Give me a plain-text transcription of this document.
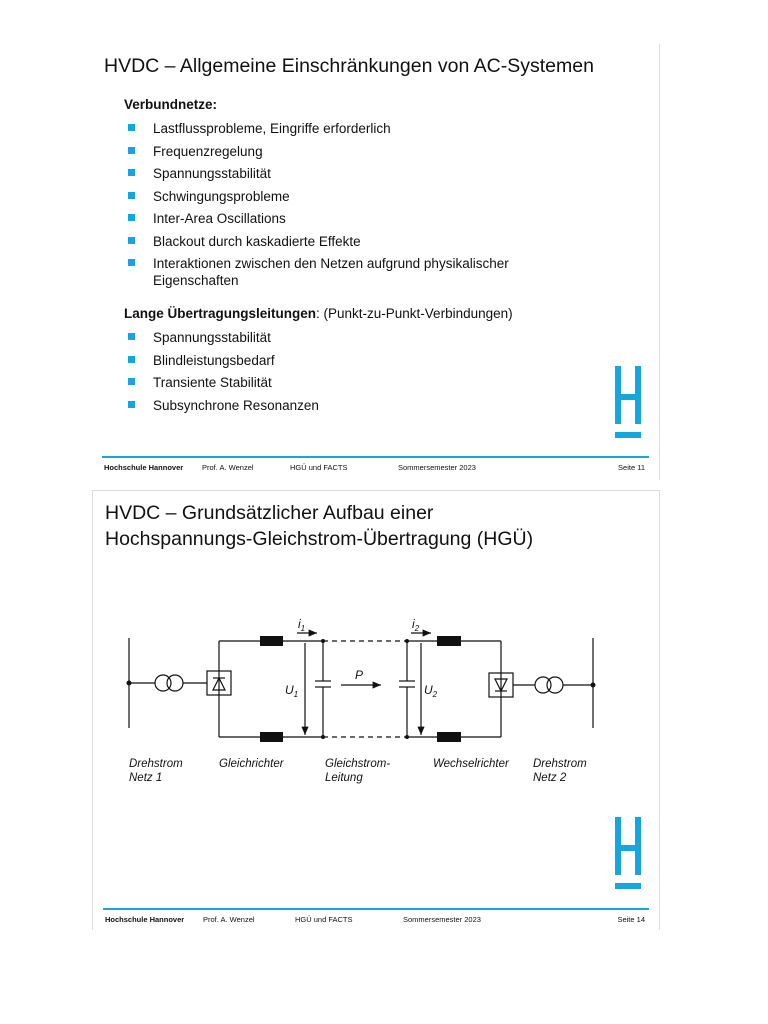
HVDC – Allgemeine Einschränkungen von AC-Systemen
Verbundnetze:
Lastflussprobleme, Eingriffe erforderlich
Frequenzregelung
Spannungsstabilität
Schwingungsprobleme
Inter-Area Oscillations
Blackout durch kaskadierte Effekte
Interaktionen zwischen den Netzen aufgrund physikalischer Eigenschaften
Lange Übertragungsleitungen: (Punkt-zu-Punkt-Verbindungen)
Spannungsstabilität
Blindleistungsbedarf
Transiente Stabilität
Subsynchrone Resonanzen
Hochschule Hannover	Prof. A. Wenzel	HGÜ und FACTS	Sommersemester 2023	Seite 11
HVDC – Grundsätzlicher Aufbau einer
Hochspannungs-Gleichstrom-Übertragung (HGÜ)
$i_1$	$i_2$
$U_1$	$U_2$
P
Drehstrom
Netz 1
Gleichrichter	Gleichstrom-
Leitung
Wechselrichter Drehstrom
Netz 2
Hochschule Hannover	Prof. A. Wenzel	HGÜ und FACTS	Sommersemester 2023	Seite 14
